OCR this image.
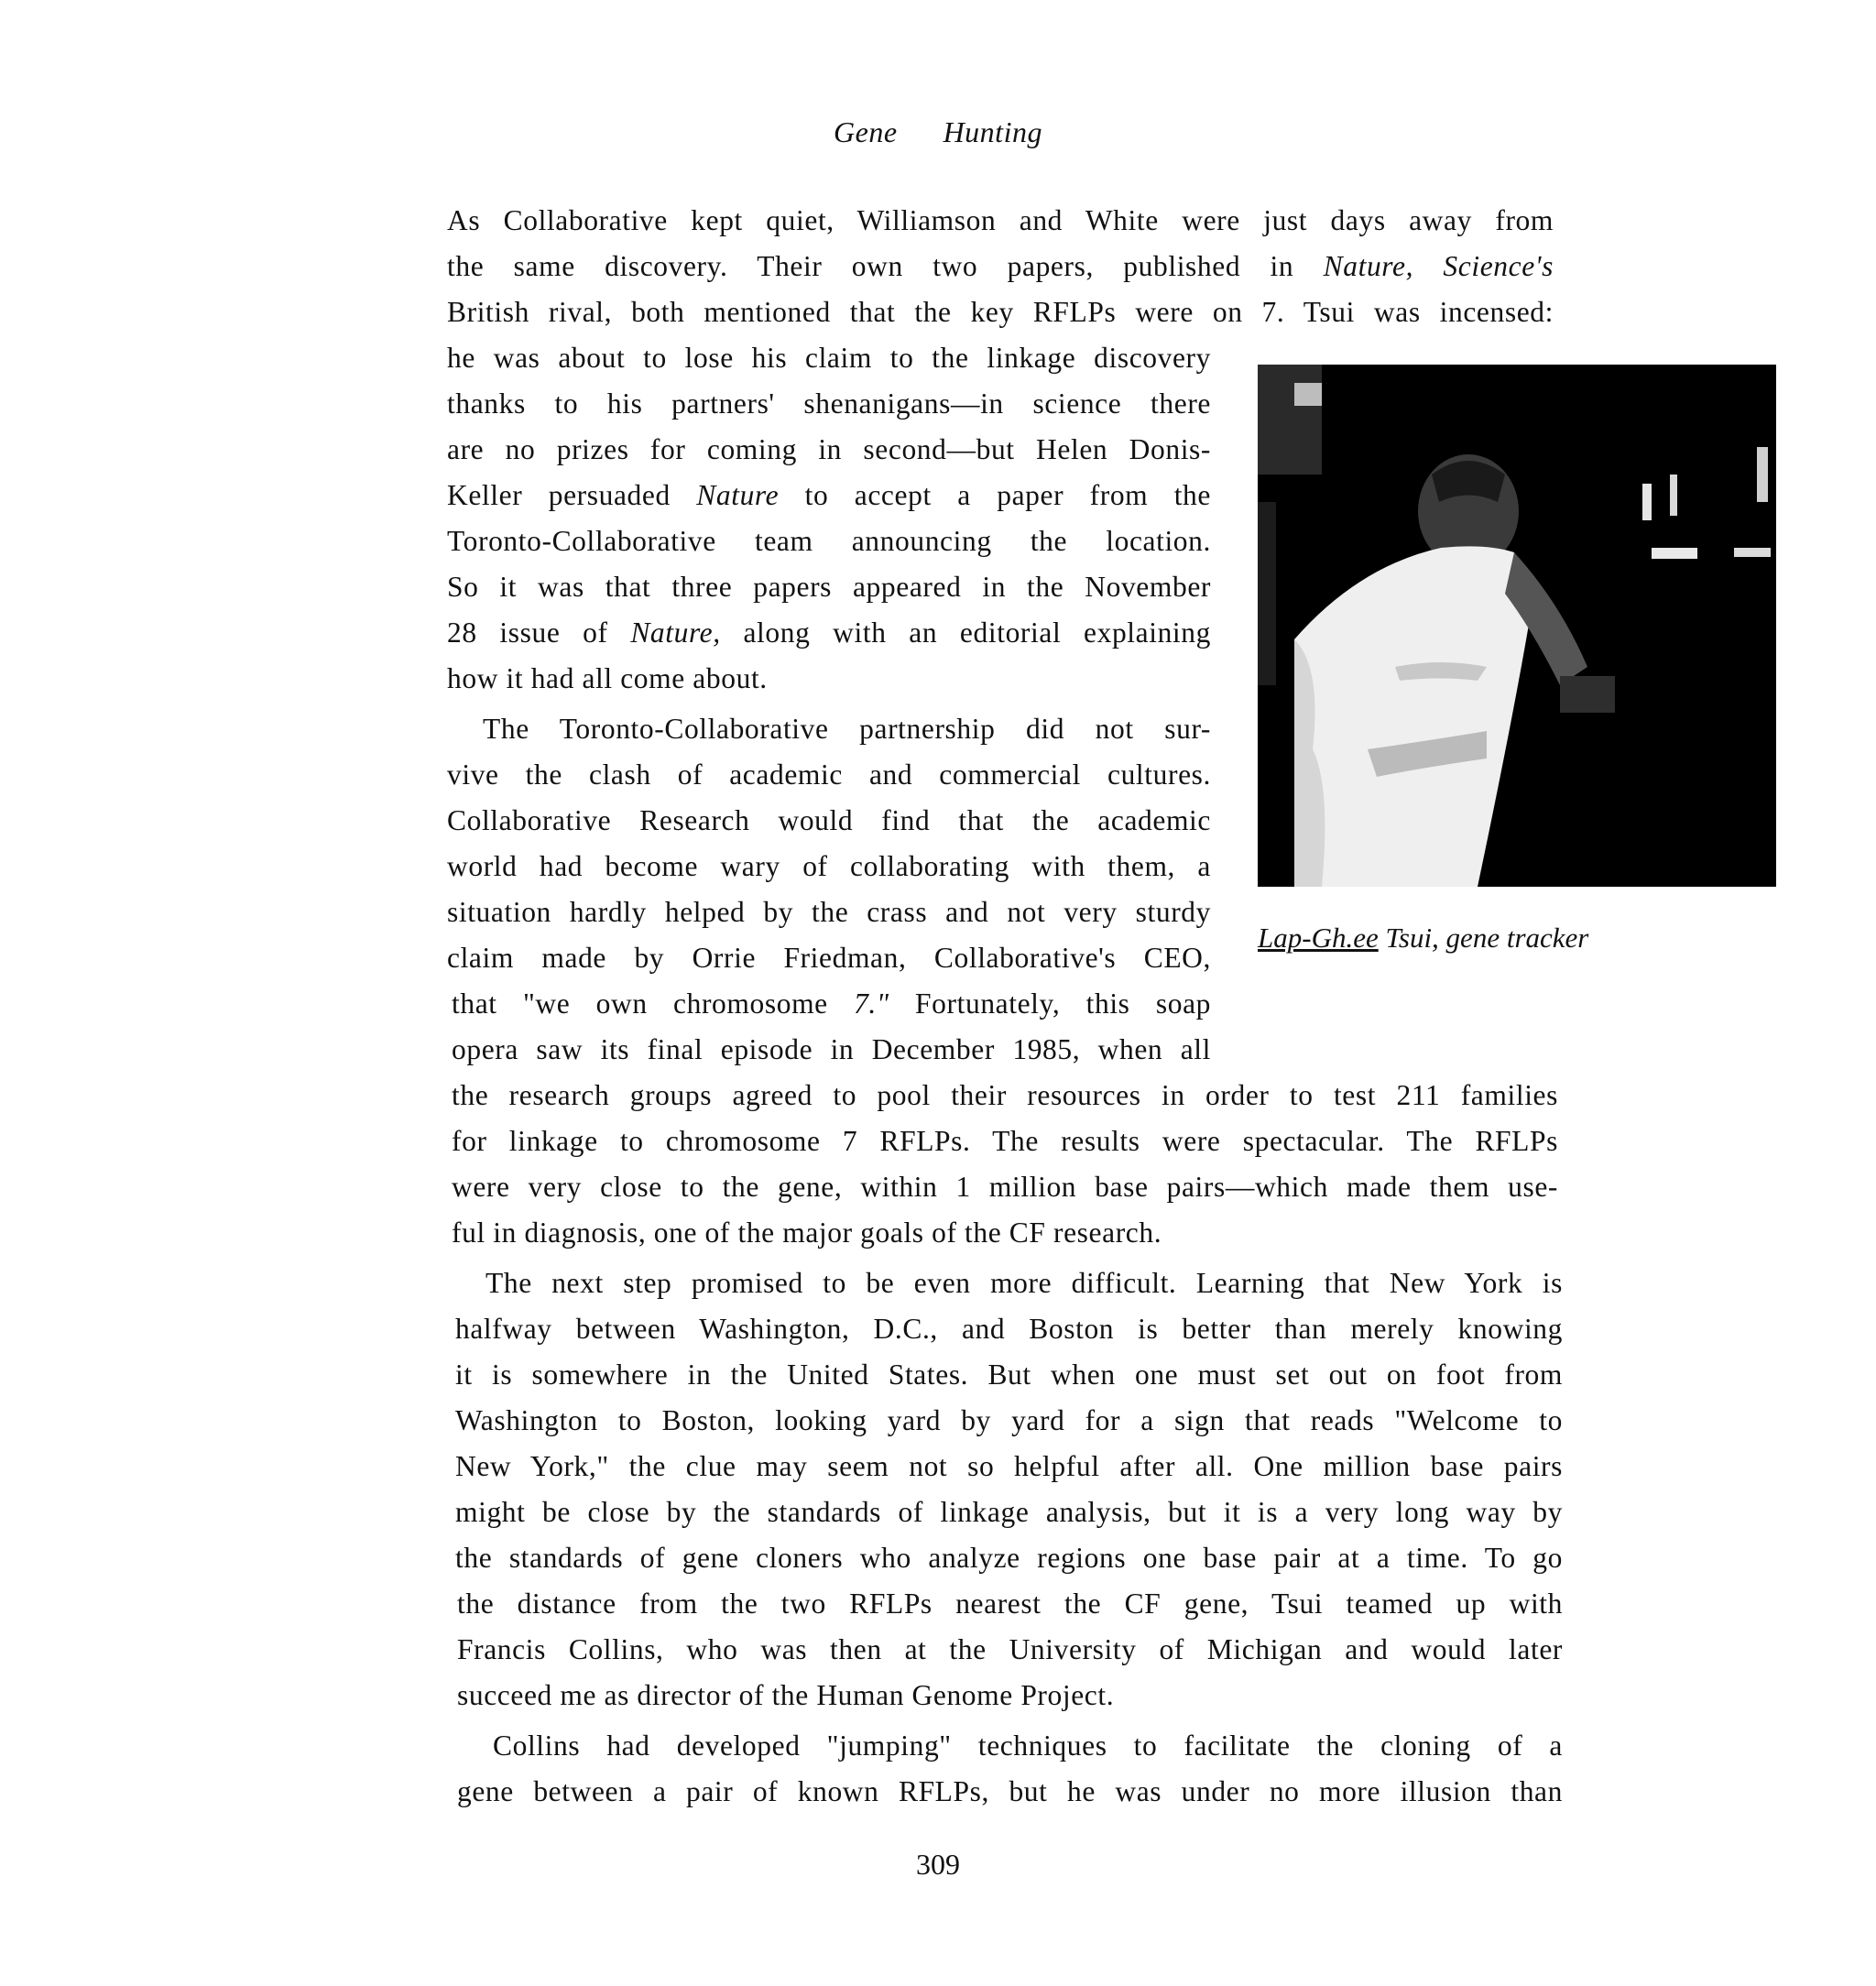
Gene Hunting
As Collaborative kept quiet, Williamson and White were just days away from
the same discovery. Their own two papers, published in Nature, Science's
British rival, both mentioned that the key RFLPs were on 7. Tsui was incensed:
he was about to lose his claim to the linkage discovery
thanks to his partners' shenanigans—in science there
are no prizes for coming in second—but Helen Donis-
Keller persuaded Nature to accept a paper from the
Toronto-Collaborative team announcing the location.
So it was that three papers appeared in the November
28 issue of Nature, along with an editorial explaining
how it had all come about.
The Toronto-Collaborative partnership did not sur-
vive the clash of academic and commercial cultures.
Collaborative Research would find that the academic
world had become wary of collaborating with them, a
situation hardly helped by the crass and not very sturdy
claim made by Orrie Friedman, Collaborative's CEO,
that "we own chromosome 7." Fortunately, this soap
opera saw its final episode in December 1985, when all
the research groups agreed to pool their resources in order to test 211 families
for linkage to chromosome 7 RFLPs. The results were spectacular. The RFLPs
were very close to the gene, within 1 million base pairs—which made them use-
ful in diagnosis, one of the major goals of the CF research.
The next step promised to be even more difficult. Learning that New York is
halfway between Washington, D.C., and Boston is better than merely knowing
it is somewhere in the United States. But when one must set out on foot from
Washington to Boston, looking yard by yard for a sign that reads "Welcome to
New York," the clue may seem not so helpful after all. One million base pairs
might be close by the standards of linkage analysis, but it is a very long way by
the standards of gene cloners who analyze regions one base pair at a time. To go
the distance from the two RFLPs nearest the CF gene, Tsui teamed up with
Francis Collins, who was then at the University of Michigan and would later
succeed me as director of the Human Genome Project.
Collins had developed "jumping" techniques to facilitate the cloning of a
gene between a pair of known RFLPs, but he was under no more illusion than
Lap-Gh.ee Tsui, gene tracker
309
